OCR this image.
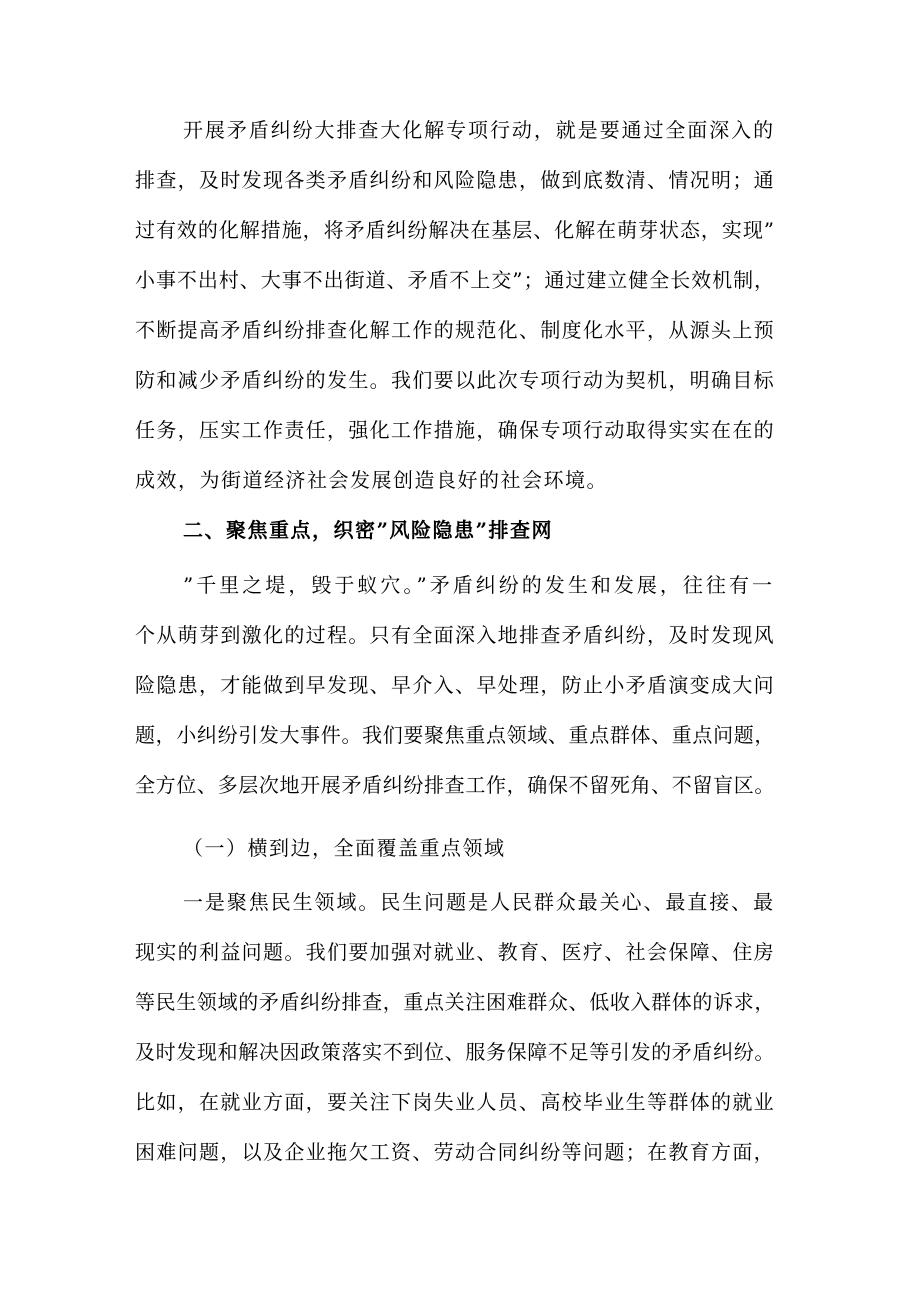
开展矛盾纠纷大排查大化解专项行动，就是要通过全面深入的
排查，及时发现各类矛盾纠纷和风险隐患，做到底数清、情况明；通
过有效的化解措施，将矛盾纠纷解决在基层、化解在萌芽状态，实现”
小事不出村、大事不出街道、矛盾不上交”；通过建立健全长效机制，
不断提高矛盾纠纷排查化解工作的规范化、制度化水平，从源头上预
防和减少矛盾纠纷的发生。我们要以此次专项行动为契机，明确目标
任务，压实工作责任，强化工作措施，确保专项行动取得实实在在的
成效，为街道经济社会发展创造良好的社会环境。
二、聚焦重点，织密”风险隐患”排查网
”千里之堤，毁于蚁穴。”矛盾纠纷的发生和发展，往往有一
个从萌芽到激化的过程。只有全面深入地排查矛盾纠纷，及时发现风
险隐患，才能做到早发现、早介入、早处理，防止小矛盾演变成大问
题，小纠纷引发大事件。我们要聚焦重点领域、重点群体、重点问题，
全方位、多层次地开展矛盾纠纷排查工作，确保不留死角、不留盲区。
（一）横到边，全面覆盖重点领域
一是聚焦民生领域。民生问题是人民群众最关心、最直接、最
现实的利益问题。我们要加强对就业、教育、医疗、社会保障、住房
等民生领域的矛盾纠纷排查，重点关注困难群众、低收入群体的诉求，
及时发现和解决因政策落实不到位、服务保障不足等引发的矛盾纠纷。
比如，在就业方面，要关注下岗失业人员、高校毕业生等群体的就业
困难问题，以及企业拖欠工资、劳动合同纠纷等问题；在教育方面，
